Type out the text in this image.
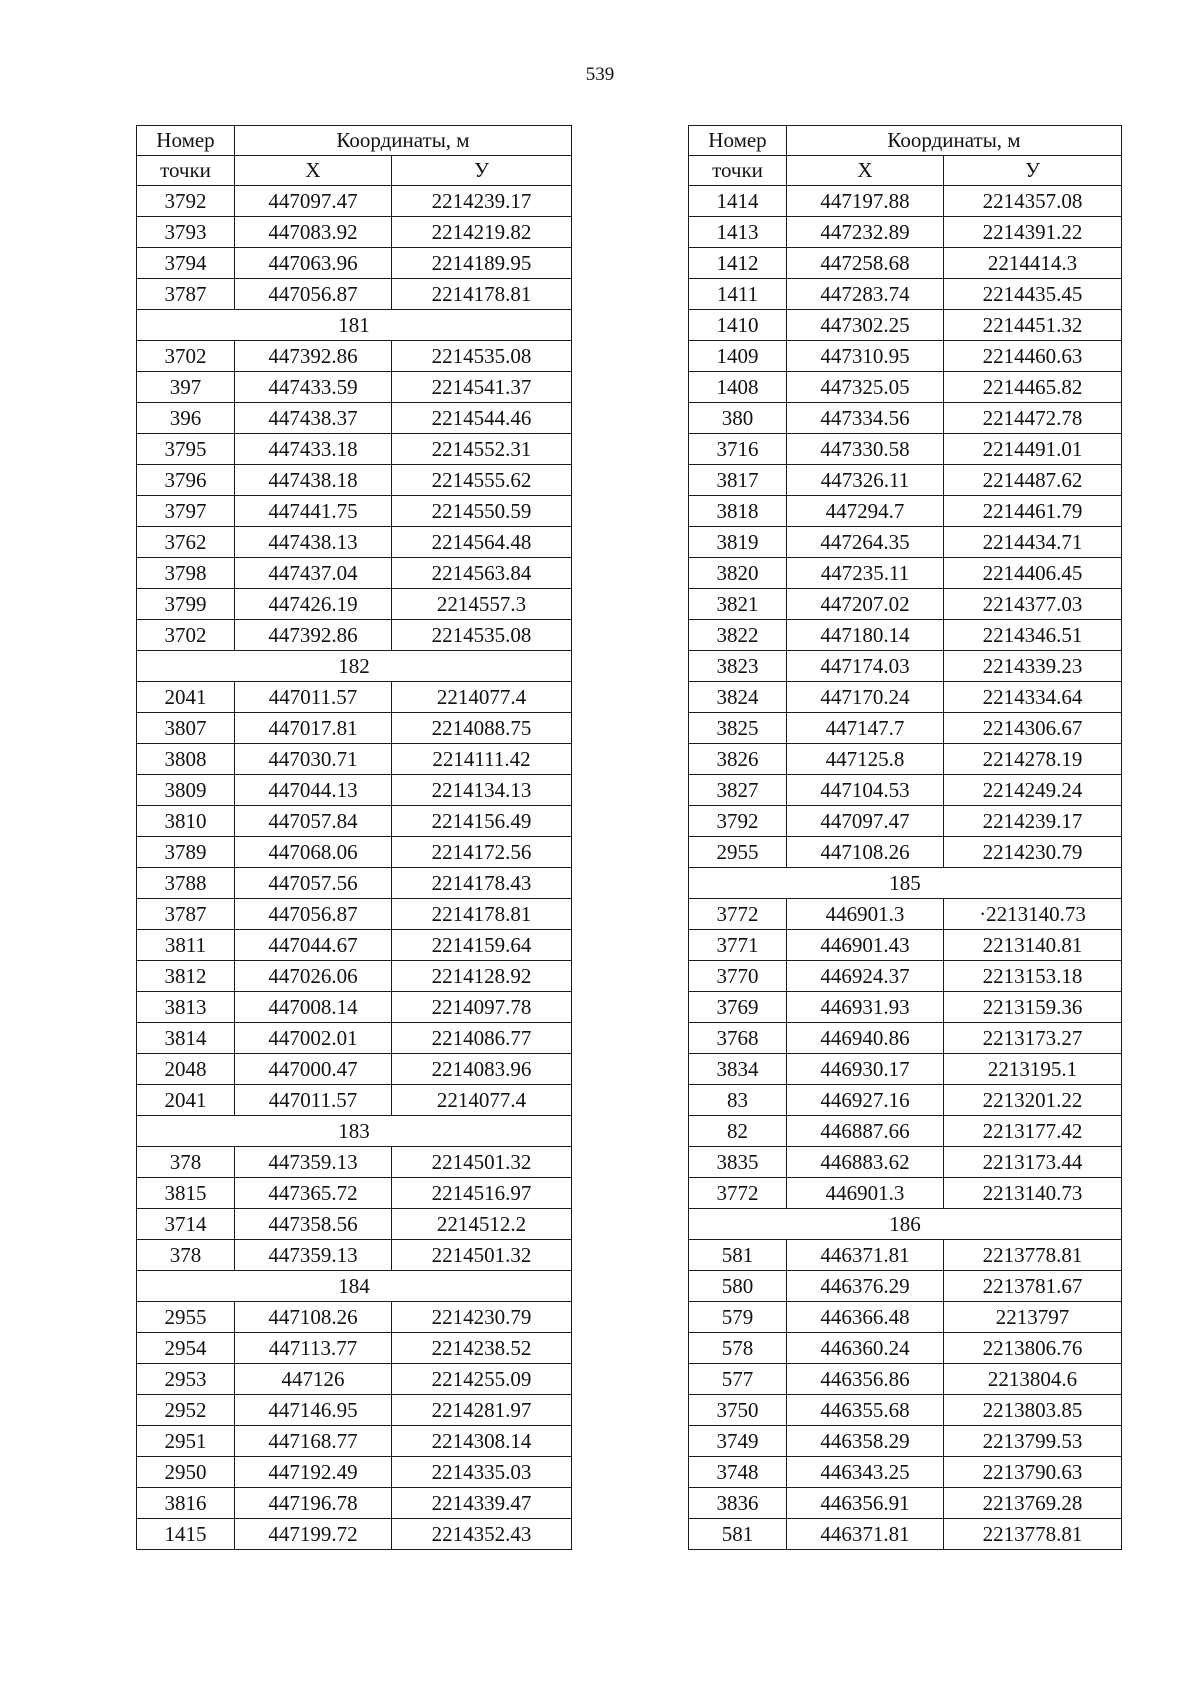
539
Номер	Координаты, м	
точки	Х	У
3792	447097.47	2214239.17
3793	447083.92	2214219.82
3794	447063.96	2214189.95
3787	447056.87	2214178.81
181		
3702	447392.86	2214535.08
397	447433.59	2214541.37
396	447438.37	2214544.46
3795	447433.18	2214552.31
3796	447438.18	2214555.62
3797	447441.75	2214550.59
3762	447438.13	2214564.48
3798	447437.04	2214563.84
3799	447426.19	2214557.3
3702	447392.86	2214535.08
182		
2041	447011.57	2214077.4
3807	447017.81	2214088.75
3808	447030.71	2214111.42
3809	447044.13	2214134.13
3810	447057.84	2214156.49
3789	447068.06	2214172.56
3788	447057.56	2214178.43
3787	447056.87	2214178.81
3811	447044.67	2214159.64
3812	447026.06	2214128.92
3813	447008.14	2214097.78
3814	447002.01	2214086.77
2048	447000.47	2214083.96
2041	447011.57	2214077.4
183		
378	447359.13	2214501.32
3815	447365.72	2214516.97
3714	447358.56	2214512.2
378	447359.13	2214501.32
184		
2955	447108.26	2214230.79
2954	447113.77	2214238.52
2953	447126	2214255.09
2952	447146.95	2214281.97
2951	447168.77	2214308.14
2950	447192.49	2214335.03
3816	447196.78	2214339.47
1415	447199.72	2214352.43
Номер	Координаты, м	
точки	Х	У
1414	447197.88	2214357.08
1413	447232.89	2214391.22
1412	447258.68	2214414.3
1411	447283.74	2214435.45
1410	447302.25	2214451.32
1409	447310.95	2214460.63
1408	447325.05	2214465.82
380	447334.56	2214472.78
3716	447330.58	2214491.01
3817	447326.11	2214487.62
3818	447294.7	2214461.79
3819	447264.35	2214434.71
3820	447235.11	2214406.45
3821	447207.02	2214377.03
3822	447180.14	2214346.51
3823	447174.03	2214339.23
3824	447170.24	2214334.64
3825	447147.7	2214306.67
3826	447125.8	2214278.19
3827	447104.53	2214249.24
3792	447097.47	2214239.17
2955	447108.26	2214230.79
185		
3772	446901.3	·2213140.73
3771	446901.43	2213140.81
3770	446924.37	2213153.18
3769	446931.93	2213159.36
3768	446940.86	2213173.27
3834	446930.17	2213195.1
83	446927.16	2213201.22
82	446887.66	2213177.42
3835	446883.62	2213173.44
3772	446901.3	2213140.73
186		
581	446371.81	2213778.81
580	446376.29	2213781.67
579	446366.48	2213797
578	446360.24	2213806.76
577	446356.86	2213804.6
3750	446355.68	2213803.85
3749	446358.29	2213799.53
3748	446343.25	2213790.63
3836	446356.91	2213769.28
581	446371.81	2213778.81
